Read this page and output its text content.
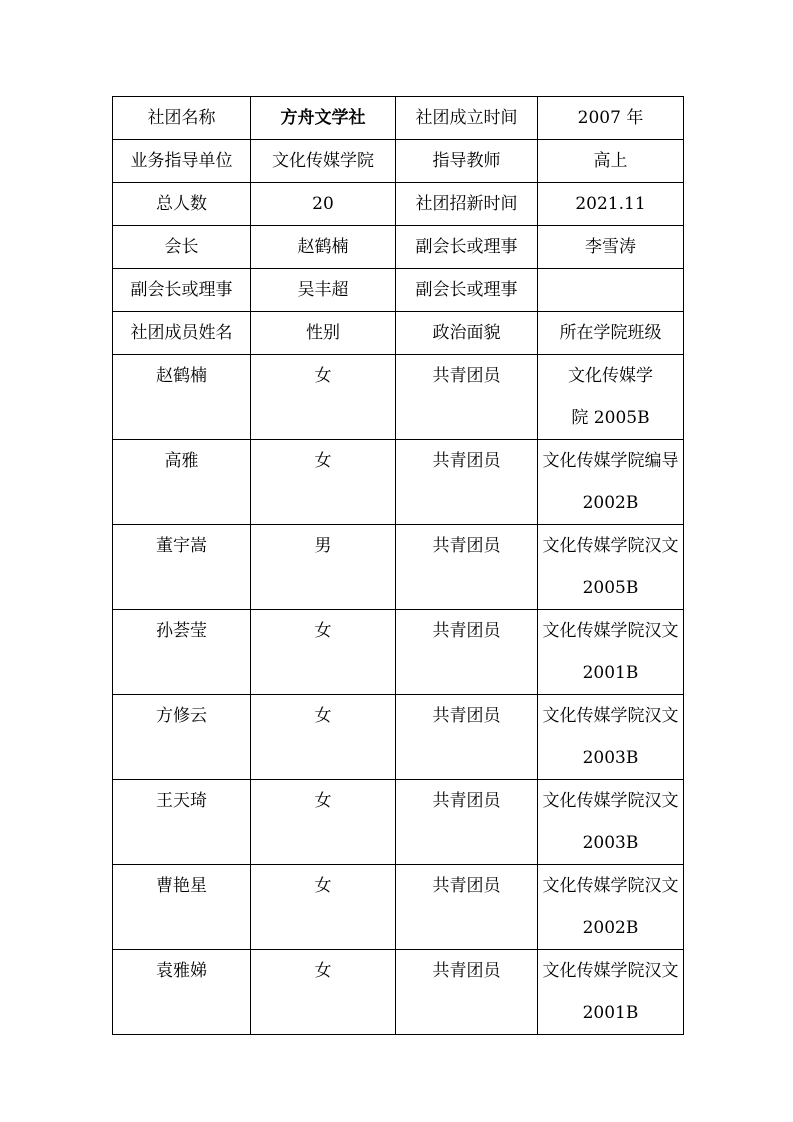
社团名称	方舟文学社	社团成立时间	2007 年
业务指导单位	文化传媒学院	指导教师	高上
总人数	20	社团招新时间	2021.11
会长	赵鹤楠	副会长或理事	李雪涛
副会长或理事	吴丰超	副会长或理事	
社团成员姓名	性别	政治面貌	所在学院班级
赵鹤楠	女	共青团员	文化传媒学院 2005B
高雅	女	共青团员	文化传媒学院编导 2002B
董宇嵩	男	共青团员	文化传媒学院汉文 2005B
孙荟莹	女	共青团员	文化传媒学院汉文 2001B
方修云	女	共青团员	文化传媒学院汉文 2003B
王天琦	女	共青团员	文化传媒学院汉文 2003B
曹艳星	女	共青团员	文化传媒学院汉文 2002B
袁雅娣	女	共青团员	文化传媒学院汉文 2001B
